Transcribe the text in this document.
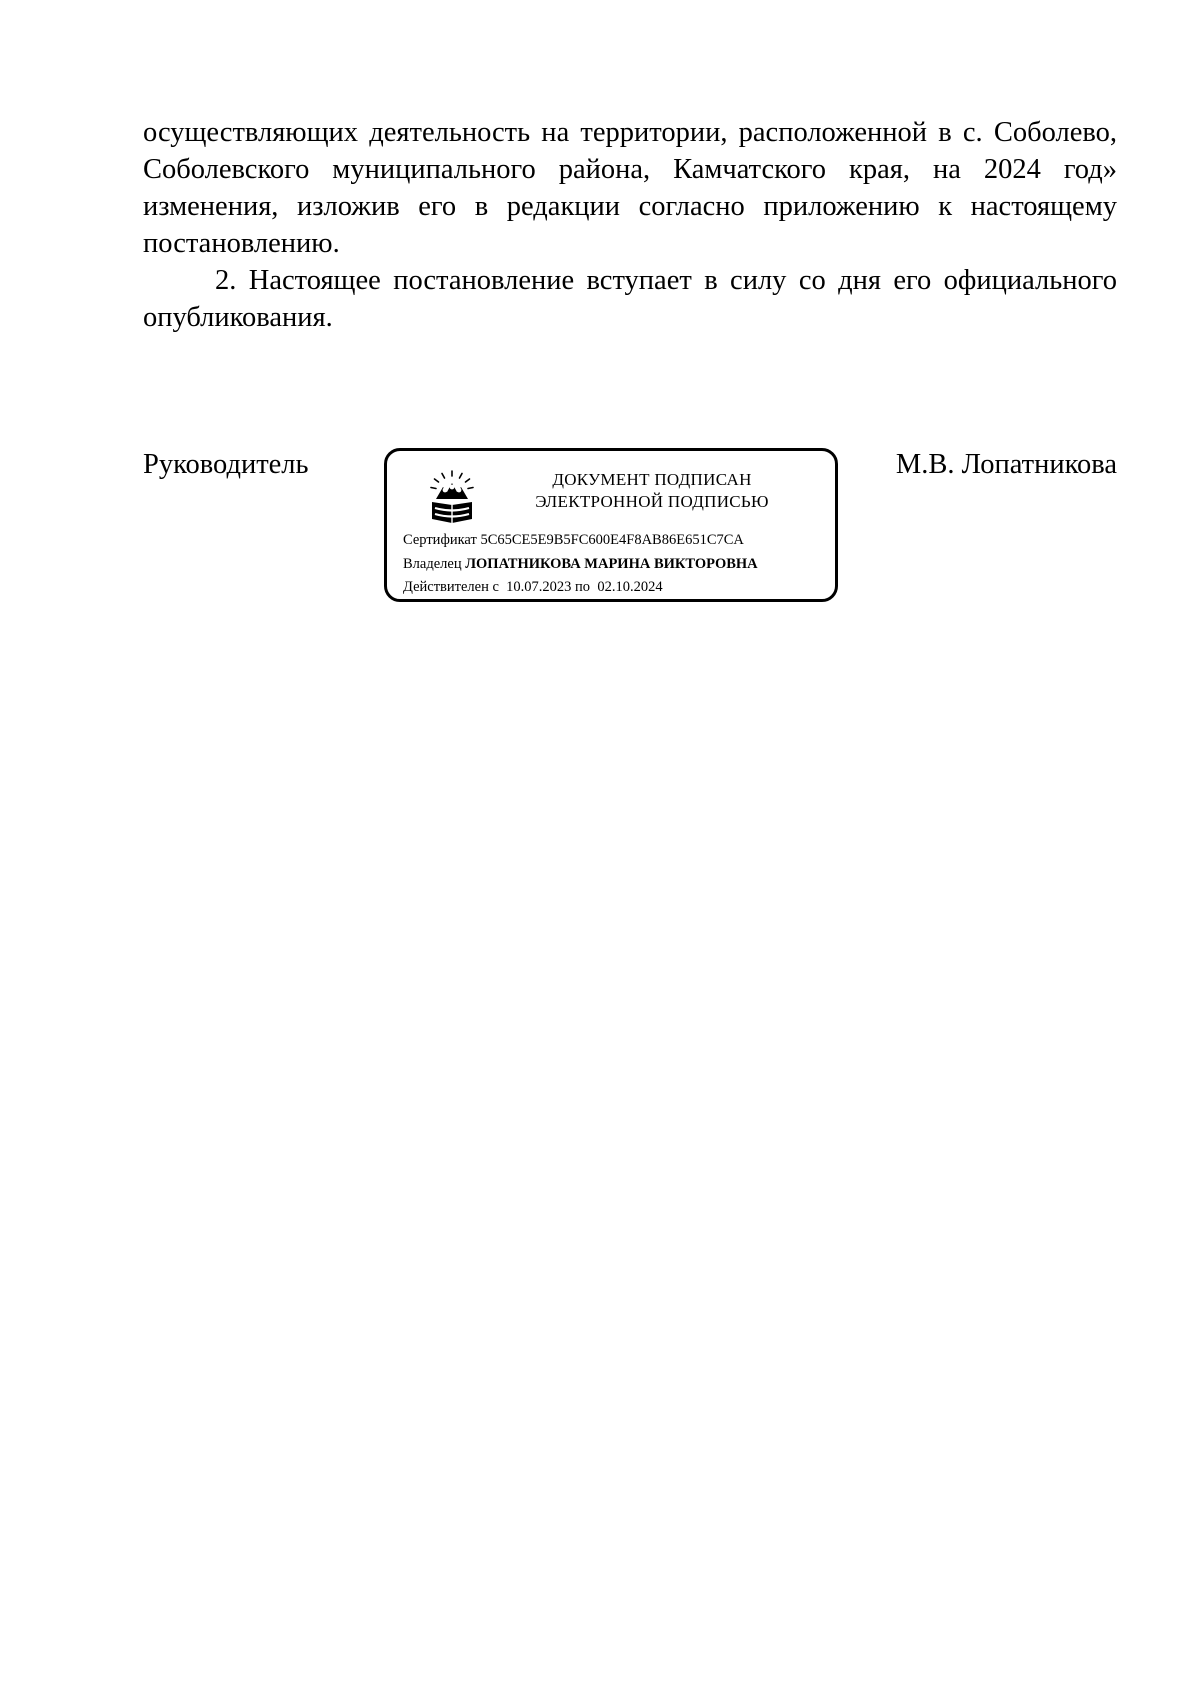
осуществляющих деятельность на территории, расположенной в с. Соболево, Соболевского муниципального района, Камчатского края, на 2024 год» изменения, изложив его в редакции согласно приложению к настоящему постановлению.

2. Настоящее постановление вступает в силу со дня его официального опубликования.

Руководитель	М.В. Лопатникова
ДОКУМЕНТ ПОДПИСАН
ЭЛЕКТРОННОЙ ПОДПИСЬЮ
Сертификат 5C65CE5E9B5FC600E4F8AB86E651C7CA
Владелец ЛОПАТНИКОВА МАРИНА ВИКТОРОВНА
Действителен с 10.07.2023 по 02.10.2024
